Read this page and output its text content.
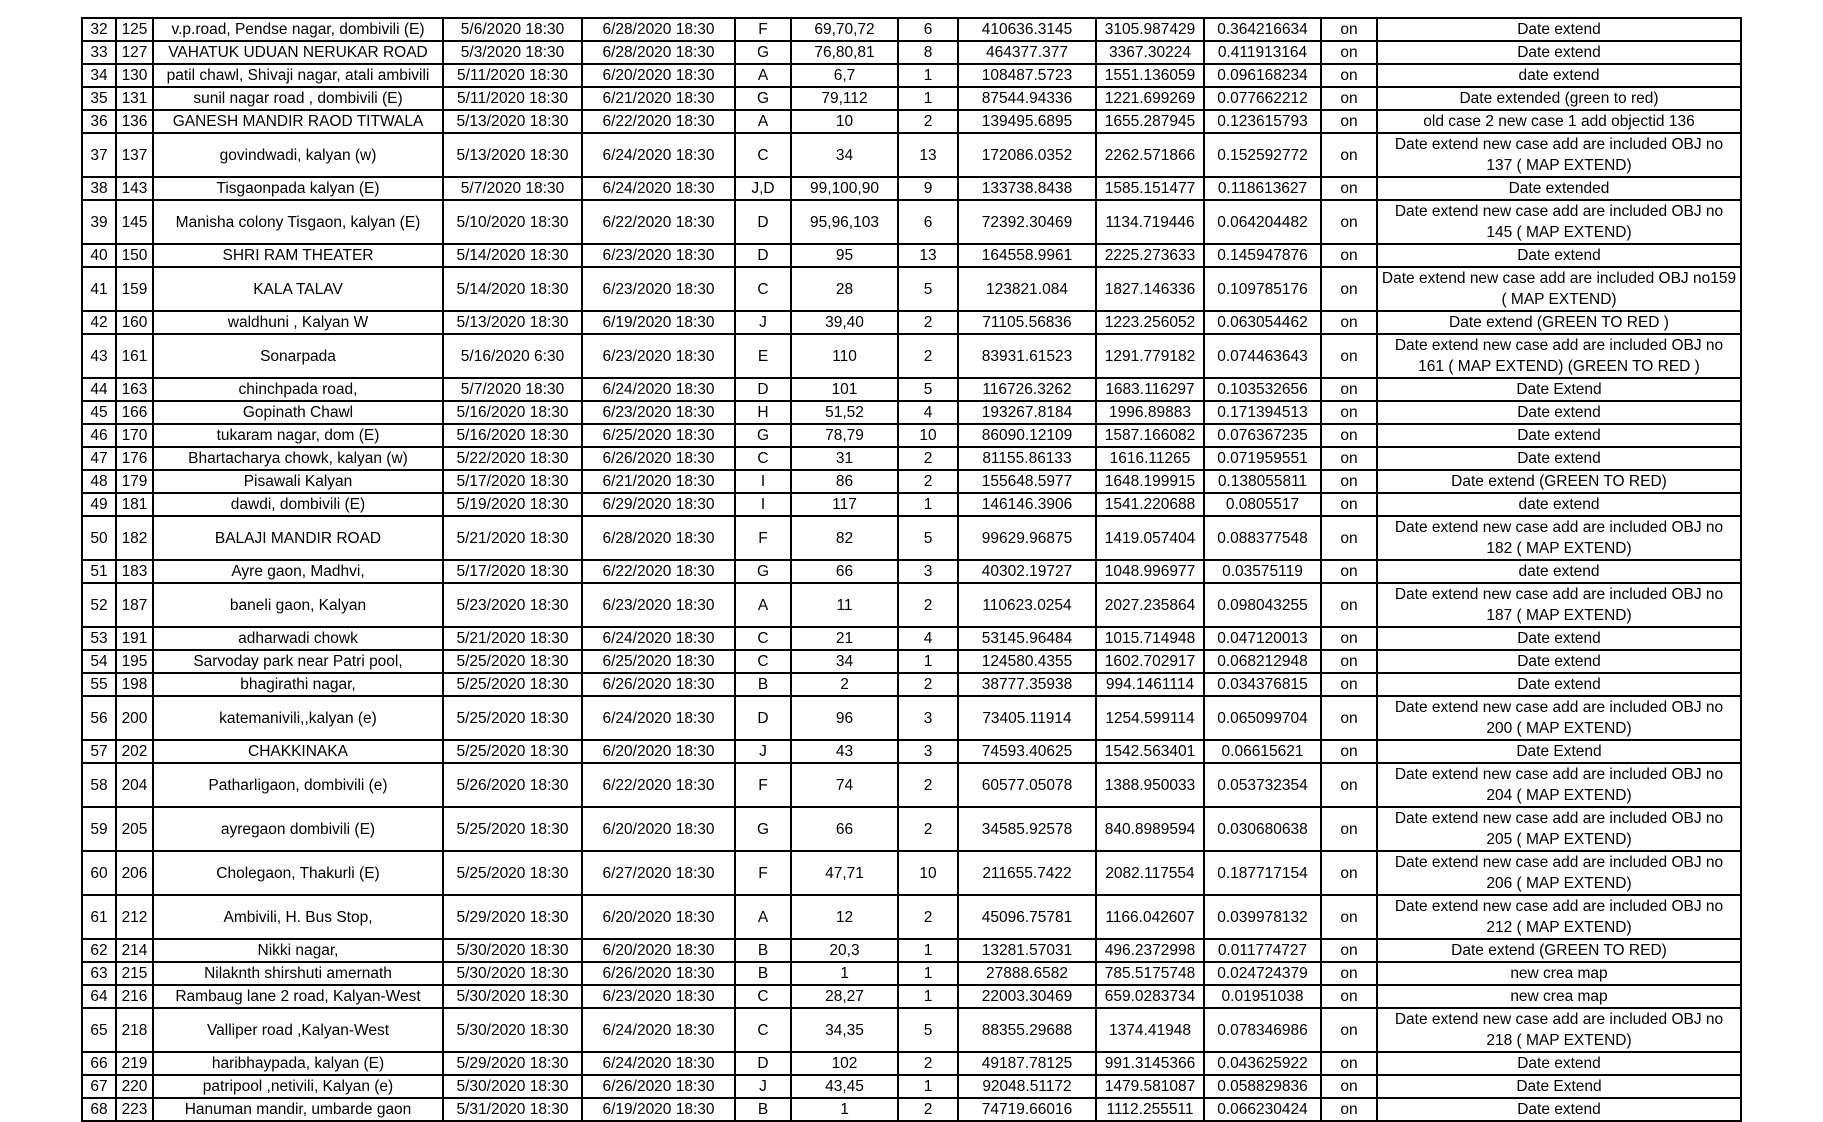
32	125	v.p.road, Pendse nagar, dombivili (E)	5/6/2020 18:30	6/28/2020 18:30	F	69,70,72	6	410636.3145	3105.987429	0.364216634	on	Date extend
33	127	VAHATUK UDUAN NERUKAR ROAD	5/3/2020 18:30	6/28/2020 18:30	G	76,80,81	8	464377.377	3367.30224	0.411913164	on	Date extend
34	130	patil chawl, Shivaji nagar, atali ambivili	5/11/2020 18:30	6/20/2020 18:30	A	6,7	1	108487.5723	1551.136059	0.096168234	on	date extend
35	131	sunil nagar road , dombivili (E)	5/11/2020 18:30	6/21/2020 18:30	G	79,112	1	87544.94336	1221.699269	0.077662212	on	Date extended (green to red)
36	136	GANESH MANDIR RAOD TITWALA	5/13/2020 18:30	6/22/2020 18:30	A	10	2	139495.6895	1655.287945	0.123615793	on	old case 2 new case 1 add objectid 136
37	137	govindwadi, kalyan (w)	5/13/2020 18:30	6/24/2020 18:30	C	34	13	172086.0352	2262.571866	0.152592772	on	Date extend new case add are included OBJ no 137 ( MAP EXTEND)
38	143	Tisgaonpada kalyan (E)	5/7/2020 18:30	6/24/2020 18:30	J,D	99,100,90	9	133738.8438	1585.151477	0.118613627	on	Date extended
39	145	Manisha colony Tisgaon, kalyan (E)	5/10/2020 18:30	6/22/2020 18:30	D	95,96,103	6	72392.30469	1134.719446	0.064204482	on	Date extend new case add are included OBJ no 145 ( MAP EXTEND)
40	150	SHRI RAM THEATER	5/14/2020 18:30	6/23/2020 18:30	D	95	13	164558.9961	2225.273633	0.145947876	on	Date extend
41	159	KALA TALAV	5/14/2020 18:30	6/23/2020 18:30	C	28	5	123821.084	1827.146336	0.109785176	on	Date extend new case add are included OBJ no159 ( MAP EXTEND)
42	160	waldhuni , Kalyan W	5/13/2020 18:30	6/19/2020 18:30	J	39,40	2	71105.56836	1223.256052	0.063054462	on	Date extend (GREEN TO RED )
43	161	Sonarpada	5/16/2020 6:30	6/23/2020 18:30	E	110	2	83931.61523	1291.779182	0.074463643	on	Date extend new case add are included OBJ no 161 ( MAP EXTEND) (GREEN TO RED )
44	163	chinchpada road,	5/7/2020 18:30	6/24/2020 18:30	D	101	5	116726.3262	1683.116297	0.103532656	on	Date Extend
45	166	Gopinath Chawl	5/16/2020 18:30	6/23/2020 18:30	H	51,52	4	193267.8184	1996.89883	0.171394513	on	Date extend
46	170	tukaram nagar, dom (E)	5/16/2020 18:30	6/25/2020 18:30	G	78,79	10	86090.12109	1587.166082	0.076367235	on	Date extend
47	176	Bhartacharya chowk, kalyan (w)	5/22/2020 18:30	6/26/2020 18:30	C	31	2	81155.86133	1616.11265	0.071959551	on	Date extend
48	179	Pisawali Kalyan	5/17/2020 18:30	6/21/2020 18:30	I	86	2	155648.5977	1648.199915	0.138055811	on	Date extend (GREEN TO RED)
49	181	dawdi, dombivili (E)	5/19/2020 18:30	6/29/2020 18:30	I	117	1	146146.3906	1541.220688	0.0805517	on	date extend
50	182	BALAJI MANDIR ROAD	5/21/2020 18:30	6/28/2020 18:30	F	82	5	99629.96875	1419.057404	0.088377548	on	Date extend new case add are included OBJ no 182 ( MAP EXTEND)
51	183	Ayre gaon, Madhvi,	5/17/2020 18:30	6/22/2020 18:30	G	66	3	40302.19727	1048.996977	0.03575119	on	date extend
52	187	baneli gaon, Kalyan	5/23/2020 18:30	6/23/2020 18:30	A	11	2	110623.0254	2027.235864	0.098043255	on	Date extend new case add are included OBJ no 187 ( MAP EXTEND)
53	191	adharwadi chowk	5/21/2020 18:30	6/24/2020 18:30	C	21	4	53145.96484	1015.714948	0.047120013	on	Date extend
54	195	Sarvoday park near Patri pool,	5/25/2020 18:30	6/25/2020 18:30	C	34	1	124580.4355	1602.702917	0.068212948	on	Date extend
55	198	bhagirathi nagar,	5/25/2020 18:30	6/26/2020 18:30	B	2	2	38777.35938	994.1461114	0.034376815	on	Date extend
56	200	katemanivili,,kalyan (e)	5/25/2020 18:30	6/24/2020 18:30	D	96	3	73405.11914	1254.599114	0.065099704	on	Date extend new case add are included OBJ no 200 ( MAP EXTEND)
57	202	CHAKKINAKA	5/25/2020 18:30	6/20/2020 18:30	J	43	3	74593.40625	1542.563401	0.06615621	on	Date Extend
58	204	Patharligaon, dombivili (e)	5/26/2020 18:30	6/22/2020 18:30	F	74	2	60577.05078	1388.950033	0.053732354	on	Date extend new case add are included OBJ no 204 ( MAP EXTEND)
59	205	ayregaon dombivili (E)	5/25/2020 18:30	6/20/2020 18:30	G	66	2	34585.92578	840.8989594	0.030680638	on	Date extend new case add are included OBJ no 205 ( MAP EXTEND)
60	206	Cholegaon, Thakurli (E)	5/25/2020 18:30	6/27/2020 18:30	F	47,71	10	211655.7422	2082.117554	0.187717154	on	Date extend new case add are included OBJ no 206 ( MAP EXTEND)
61	212	Ambivili, H. Bus Stop,	5/29/2020 18:30	6/20/2020 18:30	A	12	2	45096.75781	1166.042607	0.039978132	on	Date extend new case add are included OBJ no 212 ( MAP EXTEND)
62	214	Nikki nagar,	5/30/2020 18:30	6/20/2020 18:30	B	20,3	1	13281.57031	496.2372998	0.011774727	on	Date extend (GREEN TO RED)
63	215	Nilaknth shirshuti amernath	5/30/2020 18:30	6/26/2020 18:30	B	1	1	27888.6582	785.5175748	0.024724379	on	new crea map
64	216	Rambaug lane 2 road, Kalyan-West	5/30/2020 18:30	6/23/2020 18:30	C	28,27	1	22003.30469	659.0283734	0.01951038	on	new crea map
65	218	Valliper road ,Kalyan-West	5/30/2020 18:30	6/24/2020 18:30	C	34,35	5	88355.29688	1374.41948	0.078346986	on	Date extend new case add are included OBJ no 218 ( MAP EXTEND)
66	219	haribhaypada, kalyan (E)	5/29/2020 18:30	6/24/2020 18:30	D	102	2	49187.78125	991.3145366	0.043625922	on	Date extend
67	220	patripool ,netivili, Kalyan (e)	5/30/2020 18:30	6/26/2020 18:30	J	43,45	1	92048.51172	1479.581087	0.058829836	on	Date Extend
68	223	Hanuman mandir, umbarde gaon	5/31/2020 18:30	6/19/2020 18:30	B	1	2	74719.66016	1112.255511	0.066230424	on	Date extend
